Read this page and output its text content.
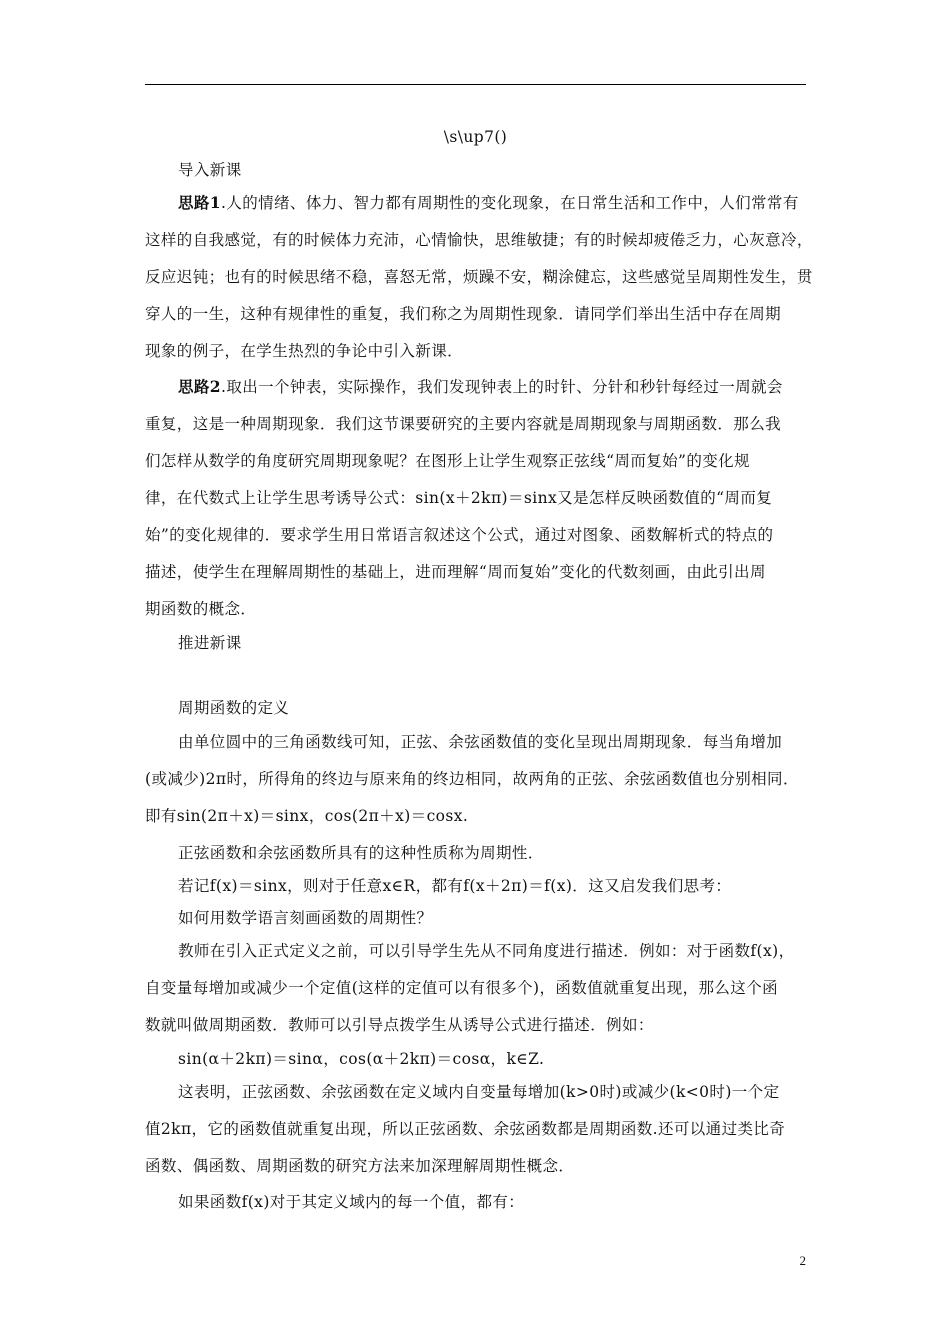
\s\up7()
导入新课
思路1.人的情绪、体力、智力都有周期性的变化现象，在日常生活和工作中，人们常常有
这样的自我感觉，有的时候体力充沛，心情愉快，思维敏捷；有的时候却疲倦乏力，心灰意冷，
反应迟钝；也有的时候思绪不稳，喜怒无常，烦躁不安，糊涂健忘，这些感觉呈周期性发生，贯
穿人的一生，这种有规律性的重复，我们称之为周期性现象．请同学们举出生活中存在周期
现象的例子，在学生热烈的争论中引入新课．
思路2.取出一个钟表，实际操作，我们发现钟表上的时针、分针和秒针每经过一周就会
重复，这是一种周期现象．我们这节课要研究的主要内容就是周期现象与周期函数．那么我
们怎样从数学的角度研究周期现象呢？在图形上让学生观察正弦线“周而复始”的变化规
律，在代数式上让学生思考诱导公式：sin(x＋2kπ)＝sinx又是怎样反映函数值的“周而复
始”的变化规律的．要求学生用日常语言叙述这个公式，通过对图象、函数解析式的特点的
描述，使学生在理解周期性的基础上，进而理解“周而复始”变化的代数刻画，由此引出周
期函数的概念．
推进新课
周期函数的定义
由单位圆中的三角函数线可知，正弦、余弦函数值的变化呈现出周期现象．每当角增加
(或减少)2π时，所得角的终边与原来角的终边相同，故两角的正弦、余弦函数值也分别相同．
即有sin(2π＋x)＝sinx，cos(2π＋x)＝cosx.
正弦函数和余弦函数所具有的这种性质称为周期性．
若记f(x)＝sinx，则对于任意x∈R，都有f(x＋2π)＝f(x)．这又启发我们思考：
如何用数学语言刻画函数的周期性？
教师在引入正式定义之前，可以引导学生先从不同角度进行描述．例如：对于函数f(x)，
自变量每增加或减少一个定值(这样的定值可以有很多个)，函数值就重复出现，那么这个函
数就叫做周期函数．教师可以引导点拨学生从诱导公式进行描述．例如：
sin(α＋2kπ)＝sinα，cos(α＋2kπ)＝cosα，k∈Z.
这表明，正弦函数、余弦函数在定义域内自变量每增加(k>0时)或减少(k<0时)一个定
值2kπ，它的函数值就重复出现，所以正弦函数、余弦函数都是周期函数.还可以通过类比奇
函数、偶函数、周期函数的研究方法来加深理解周期性概念．
如果函数f(x)对于其定义域内的每一个值，都有：
2
